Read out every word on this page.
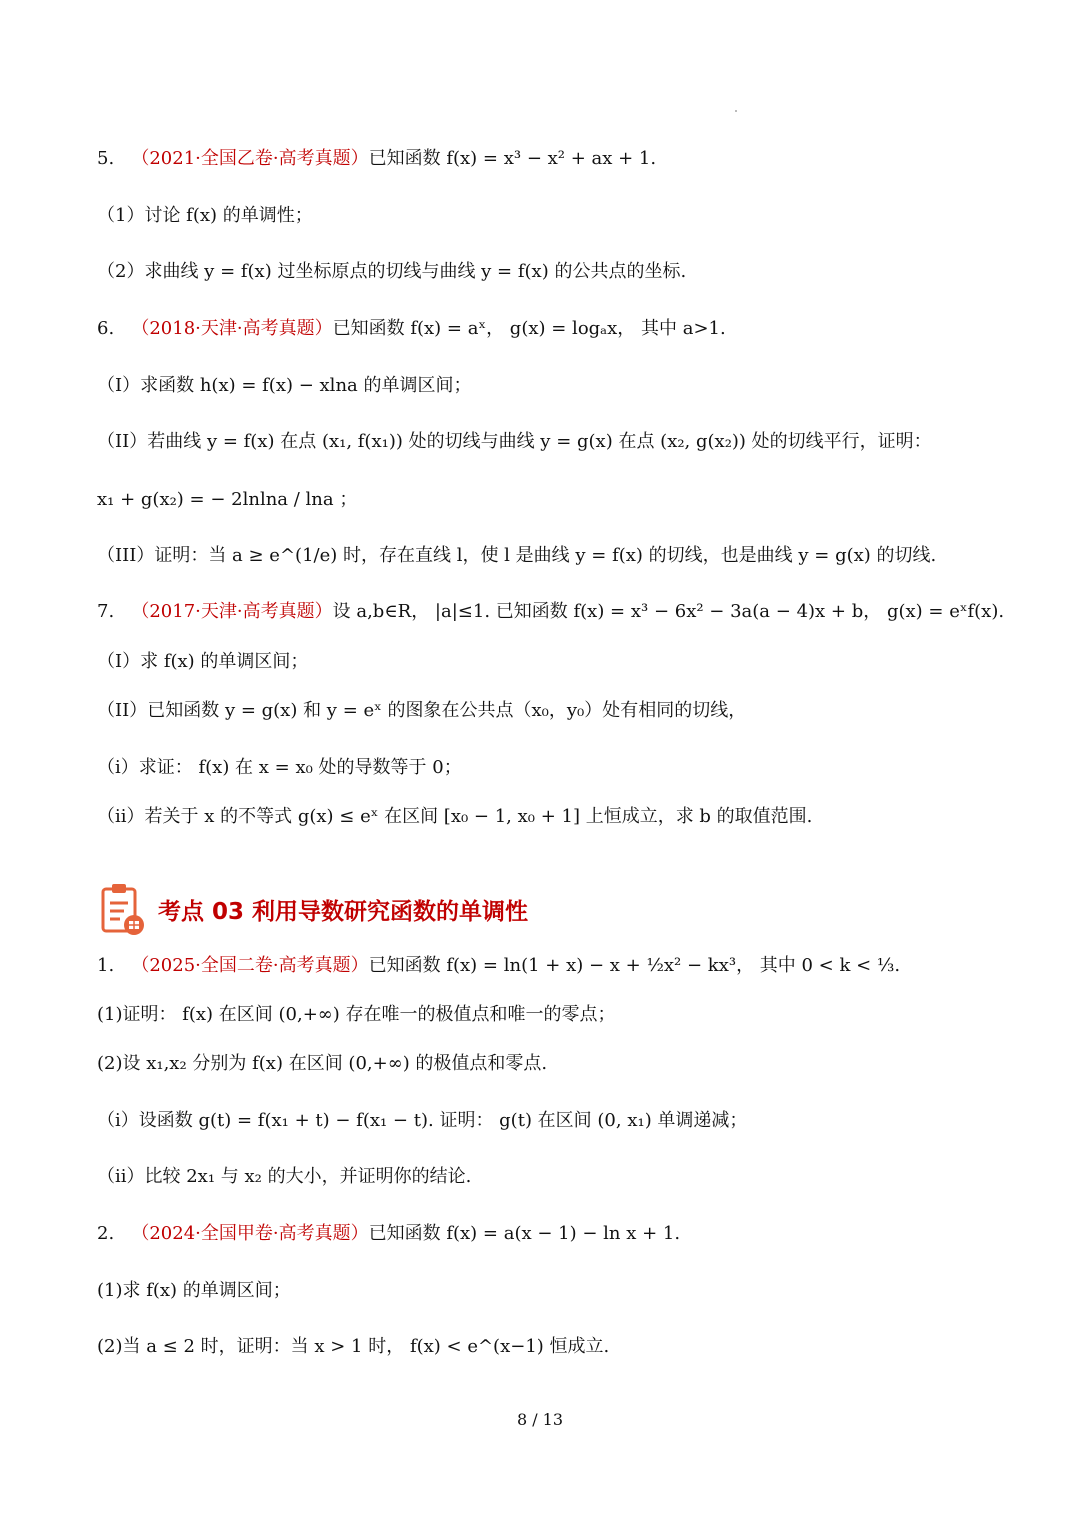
5. （2021·全国乙卷·高考真题）已知函数 f(x) = x³ − x² + ax + 1.
（1）讨论 f(x) 的单调性；
（2）求曲线 y = f(x) 过坐标原点的切线与曲线 y = f(x) 的公共点的坐标.
6. （2018·天津·高考真题）已知函数 f(x) = aˣ， g(x) = logₐx， 其中 a>1.
（I）求函数 h(x) = f(x) − xlna 的单调区间；
（II）若曲线 y = f(x) 在点 (x₁, f(x₁)) 处的切线与曲线 y = g(x) 在点 (x₂, g(x₂)) 处的切线平行，证明：
x₁ + g(x₂) = − 2lnlna / lna ；
（III）证明：当 a ≥ e^(1/e) 时，存在直线 l，使 l 是曲线 y = f(x) 的切线，也是曲线 y = g(x) 的切线.
7. （2017·天津·高考真题）设 a,b∈R， |a|≤1. 已知函数 f(x) = x³ − 6x² − 3a(a − 4)x + b， g(x) = eˣf(x).
（I）求 f(x) 的单调区间；
（II）已知函数 y = g(x) 和 y = eˣ 的图象在公共点（x₀，y₀）处有相同的切线，
（i）求证： f(x) 在 x = x₀ 处的导数等于 0；
（ii）若关于 x 的不等式 g(x) ≤ eˣ 在区间 [x₀ − 1, x₀ + 1] 上恒成立，求 b 的取值范围.
考点 03 利用导数研究函数的单调性
1. （2025·全国二卷·高考真题）已知函数 f(x) = ln(1 + x) − x + ½x² − kx³， 其中 0 < k < ⅓.
(1)证明： f(x) 在区间 (0,+∞) 存在唯一的极值点和唯一的零点；
(2)设 x₁,x₂ 分别为 f(x) 在区间 (0,+∞) 的极值点和零点.
（i）设函数 g(t) = f(x₁ + t) − f(x₁ − t). 证明： g(t) 在区间 (0, x₁) 单调递减；
（ii）比较 2x₁ 与 x₂ 的大小，并证明你的结论.
2. （2024·全国甲卷·高考真题）已知函数 f(x) = a(x − 1) − ln x + 1.
(1)求 f(x) 的单调区间；
(2)当 a ≤ 2 时，证明：当 x > 1 时， f(x) < e^(x−1) 恒成立.
8 / 13
